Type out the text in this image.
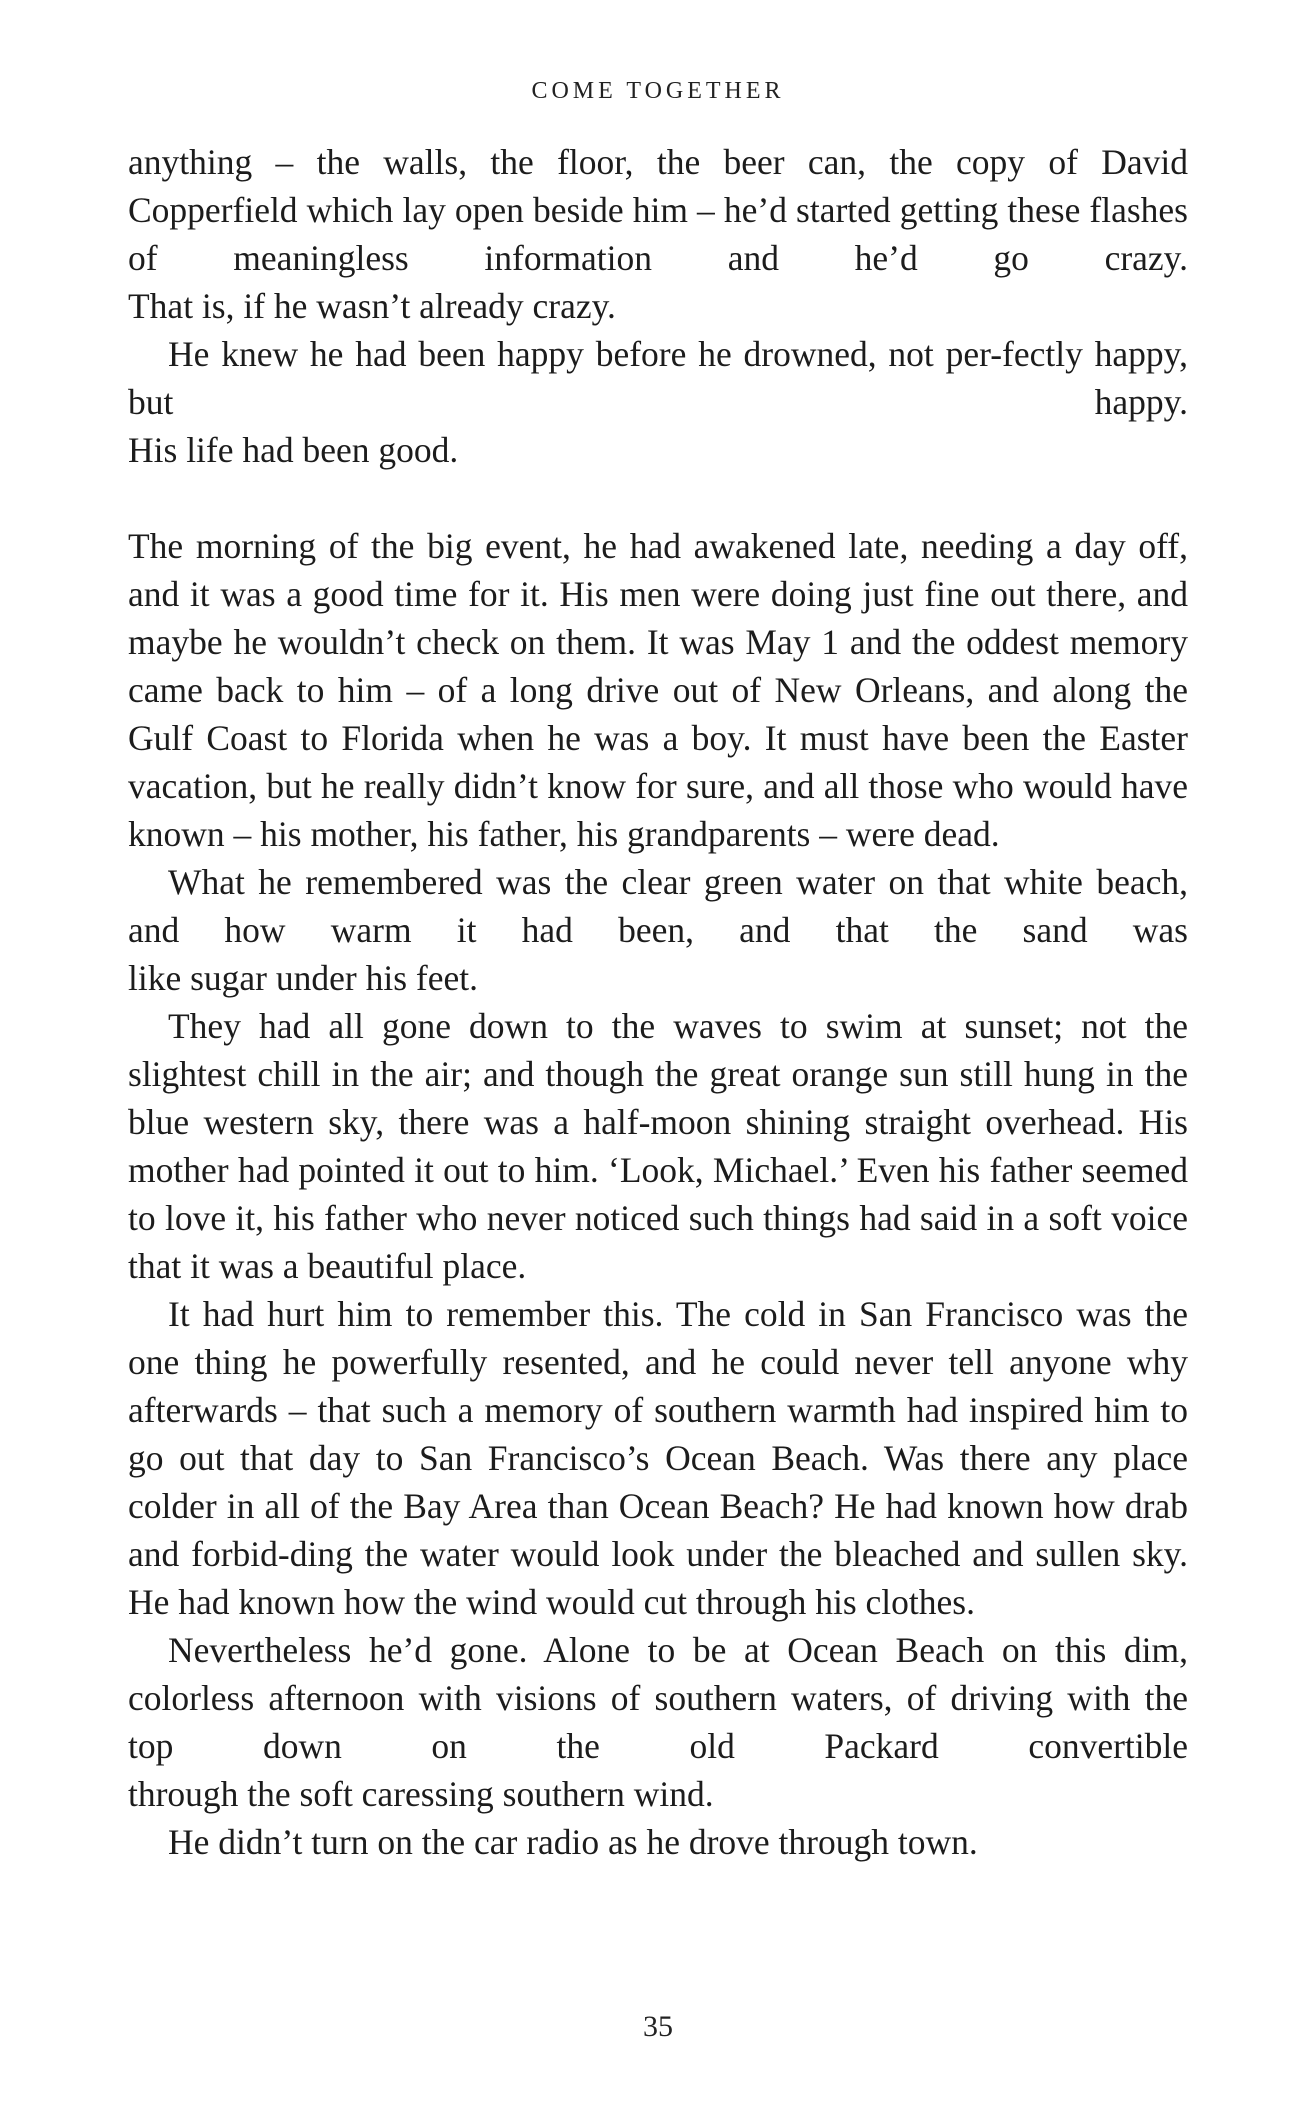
COME TOGETHER

anything – the walls, the floor, the beer can, the copy of David Copperfield which lay open beside him – he’d started getting these flashes of meaningless information and he’d go crazy.

That is, if he wasn’t already crazy.

He knew he had been happy before he drowned, not per-fectly happy, but happy.

His life had been good.

The morning of the big event, he had awakened late, needing a day off, and it was a good time for it. His men were doing just fine out there, and maybe he wouldn’t check on them. It was May 1 and the oddest memory came back to him – of a long drive out of New Orleans, and along the Gulf Coast to Florida when he was a boy. It must have been the Easter vacation, but he really didn’t know for sure, and all those who would have

known – his mother, his father, his grandparents – were dead.

What he remembered was the clear green water on that white beach, and how warm it had been, and that the sand was

like sugar under his feet.

They had all gone down to the waves to swim at sunset; not the slightest chill in the air; and though the great orange sun still hung in the blue western sky, there was a half-moon shining straight overhead. His mother had pointed it out to him. ‘Look, Michael.’ Even his father seemed to love it, his father who never noticed such things had said in a soft voice

that it was a beautiful place.

It had hurt him to remember this. The cold in San Francisco was the one thing he powerfully resented, and he could never tell anyone why afterwards – that such a memory of southern warmth had inspired him to go out that day to San Francisco’s Ocean Beach. Was there any place colder in all of the Bay Area than Ocean Beach? He had known how drab and forbid-ding the water would look under the bleached and sullen sky.

He had known how the wind would cut through his clothes.

Nevertheless he’d gone. Alone to be at Ocean Beach on this dim, colorless afternoon with visions of southern waters, of driving with the top down on the old Packard convertible

through the soft caressing southern wind.

He didn’t turn on the car radio as he drove through town.

35
